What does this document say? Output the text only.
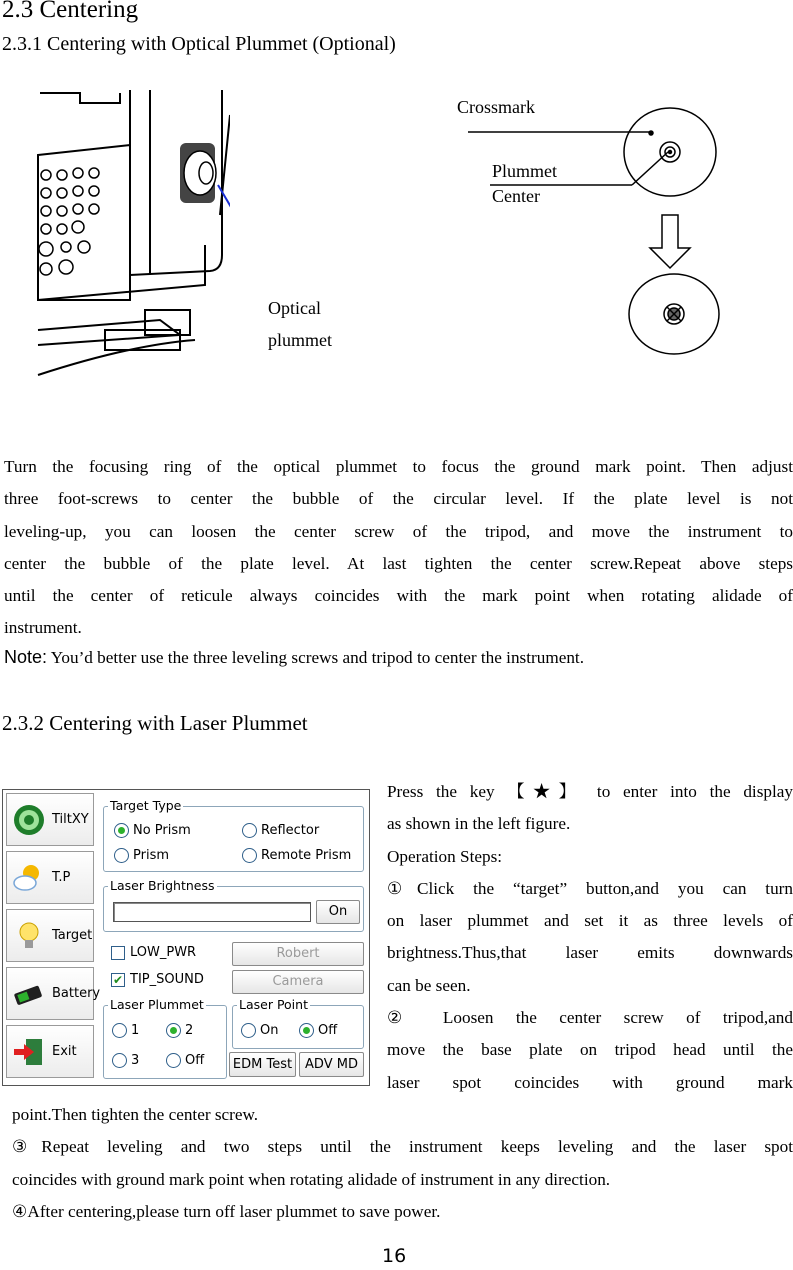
2.3 Centering
2.3.1 Centering with Optical Plummet (Optional)
Optical
plummet
Crossmark
Plummet
Center
Turn the focusing ring of the optical plummet to focus the ground mark point. Then adjust
three foot-screws to center the bubble of the circular level. If the plate level is not
leveling-up, you can loosen the center screw of the tripod, and move the instrument to
center the bubble of the plate level. At last tighten the center screw.Repeat above steps
until the center of reticule always coincides with the mark point when rotating alidade of
instrument.
Note: You’d better use the three leveling screws and tripod to center the instrument.
2.3.2 Centering with Laser Plummet
TiltXY
T.P
Target
Battery
Exit
Target Type
No Prism	Reflector
Prism	Remote Prism
Laser Brightness
On
LOW_PWR
✔ TIP_SOUND
Robert
Camera
Laser Plummet
1	2
3	Off
Laser Point
On	Off
EDM Test ADV MD
Press the key 【★】 to enter into the display
as shown in the left figure.
Operation Steps:
①Click the “target” button,and you can turn
on laser plummet and set it as three levels of
brightness.Thus,that laser emits downwards
can be seen.
② Loosen the center screw of tripod,and
move the base plate on tripod head until the
laser spot coincides with ground mark
point.Then tighten the center screw.
③Repeat leveling and two steps until the instrument keeps leveling and the laser spot
coincides with ground mark point when rotating alidade of instrument in any direction.
④After centering,please turn off laser plummet to save power.
16
